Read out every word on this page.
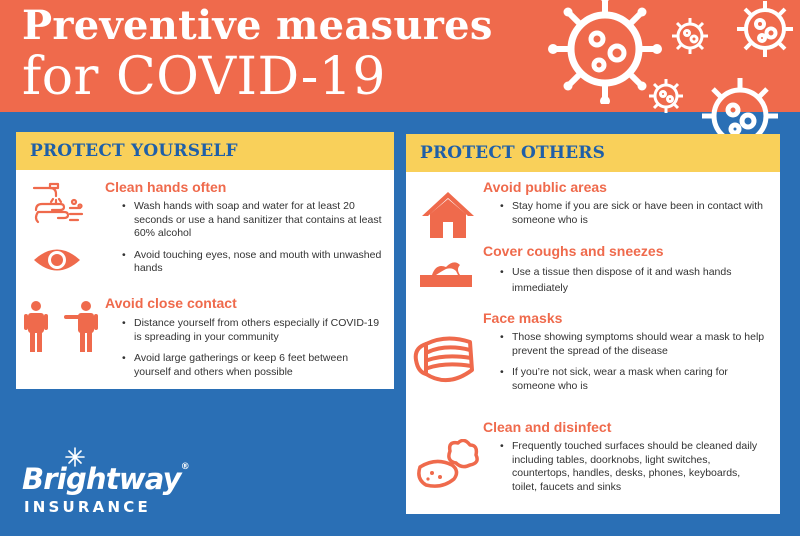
Preventive measures
for COVID-19
PROTECT YOURSELF
Clean hands often
• Wash hands with soap and water for at least 20 seconds or use a hand sanitizer that contains at least 60% alcohol
• Avoid touching eyes, nose and mouth with unwashed hands
Avoid close contact
• Distance yourself from others especially if COVID-19 is spreading in your community
• Avoid large gatherings or keep 6 feet between yourself and others when possible
PROTECT OTHERS
Avoid public areas
• Stay home if you are sick or have been in contact with someone who is
Cover coughs and sneezes
• Use a tissue then dispose of it and wash hands immediately
Face masks
• Those showing symptoms should wear a mask to help prevent the spread of the disease
• If you’re not sick, wear a mask when caring for someone who is
Clean and disinfect
• Frequently touched surfaces should be cleaned daily including tables, doorknobs, light switches, countertops, handles, desks, phones, keyboards, toilet, faucets and sinks
Brightway®
INSURANCE
